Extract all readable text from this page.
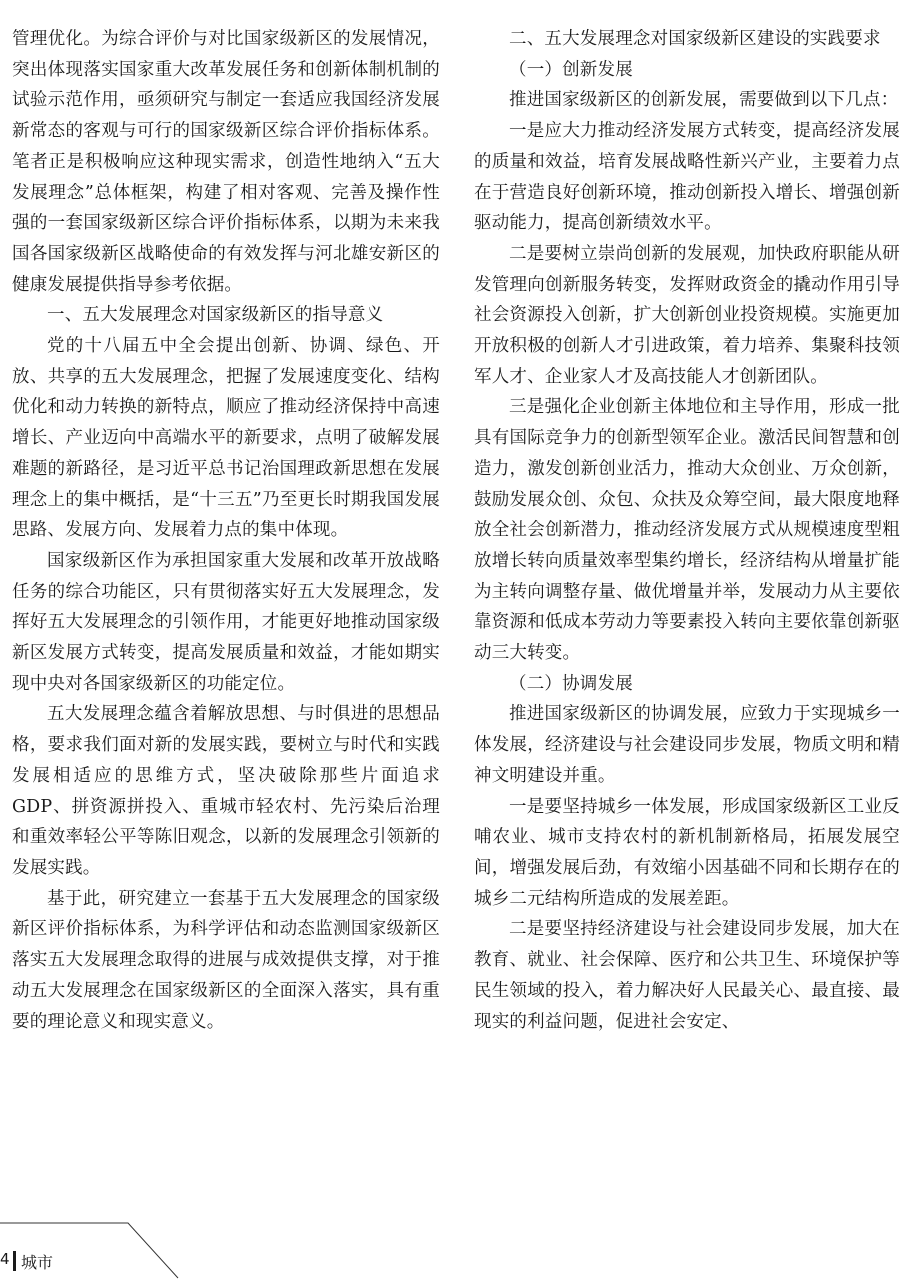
管理优化。为综合评价与对比国家级新区的发展情况，突出体现落实国家重大改革发展任务和创新体制机制的试验示范作用，亟须研究与制定一套适应我国经济发展新常态的客观与可行的国家级新区综合评价指标体系。笔者正是积极响应这种现实需求，创造性地纳入“五大发展理念”总体框架，构建了相对客观、完善及操作性强的一套国家级新区综合评价指标体系，以期为未来我国各国家级新区战略使命的有效发挥与河北雄安新区的健康发展提供指导参考依据。

一、五大发展理念对国家级新区的指导意义

党的十八届五中全会提出创新、协调、绿色、开放、共享的五大发展理念，把握了发展速度变化、结构优化和动力转换的新特点，顺应了推动经济保持中高速增长、产业迈向中高端水平的新要求，点明了破解发展难题的新路径，是习近平总书记治国理政新思想在发展理念上的集中概括，是“十三五”乃至更长时期我国发展思路、发展方向、发展着力点的集中体现。

国家级新区作为承担国家重大发展和改革开放战略任务的综合功能区，只有贯彻落实好五大发展理念，发挥好五大发展理念的引领作用，才能更好地推动国家级新区发展方式转变，提高发展质量和效益，才能如期实现中央对各国家级新区的功能定位。

五大发展理念蕴含着解放思想、与时俱进的思想品格，要求我们面对新的发展实践，要树立与时代和实践发展相适应的思维方式，坚决破除那些片面追求GDP、拼资源拼投入、重城市轻农村、先污染后治理和重效率轻公平等陈旧观念，以新的发展理念引领新的发展实践。

基于此，研究建立一套基于五大发展理念的国家级新区评价指标体系，为科学评估和动态监测国家级新区落实五大发展理念取得的进展与成效提供支撑，对于推动五大发展理念在国家级新区的全面深入落实，具有重要的理论意义和现实意义。

二、五大发展理念对国家级新区建设的实践要求

（一）创新发展

推进国家级新区的创新发展，需要做到以下几点：

一是应大力推动经济发展方式转变，提高经济发展的质量和效益，培育发展战略性新兴产业，主要着力点在于营造良好创新环境，推动创新投入增长、增强创新驱动能力，提高创新绩效水平。

二是要树立崇尚创新的发展观，加快政府职能从研发管理向创新服务转变，发挥财政资金的撬动作用引导社会资源投入创新，扩大创新创业投资规模。实施更加开放积极的创新人才引进政策，着力培养、集聚科技领军人才、企业家人才及高技能人才创新团队。

三是强化企业创新主体地位和主导作用，形成一批具有国际竞争力的创新型领军企业。激活民间智慧和创造力，激发创新创业活力，推动大众创业、万众创新，鼓励发展众创、众包、众扶及众筹空间，最大限度地释放全社会创新潜力，推动经济发展方式从规模速度型粗放增长转向质量效率型集约增长，经济结构从增量扩能为主转向调整存量、做优增量并举，发展动力从主要依靠资源和低成本劳动力等要素投入转向主要依靠创新驱动三大转变。

（二）协调发展

推进国家级新区的协调发展，应致力于实现城乡一体发展，经济建设与社会建设同步发展，物质文明和精神文明建设并重。

一是要坚持城乡一体发展，形成国家级新区工业反哺农业、城市支持农村的新机制新格局，拓展发展空间，增强发展后劲，有效缩小因基础不同和长期存在的城乡二元结构所造成的发展差距。

二是要坚持经济建设与社会建设同步发展，加大在教育、就业、社会保障、医疗和公共卫生、环境保护等民生领域的投入，着力解决好人民最关心、最直接、最现实的利益问题，促进社会安定、

4 城市
